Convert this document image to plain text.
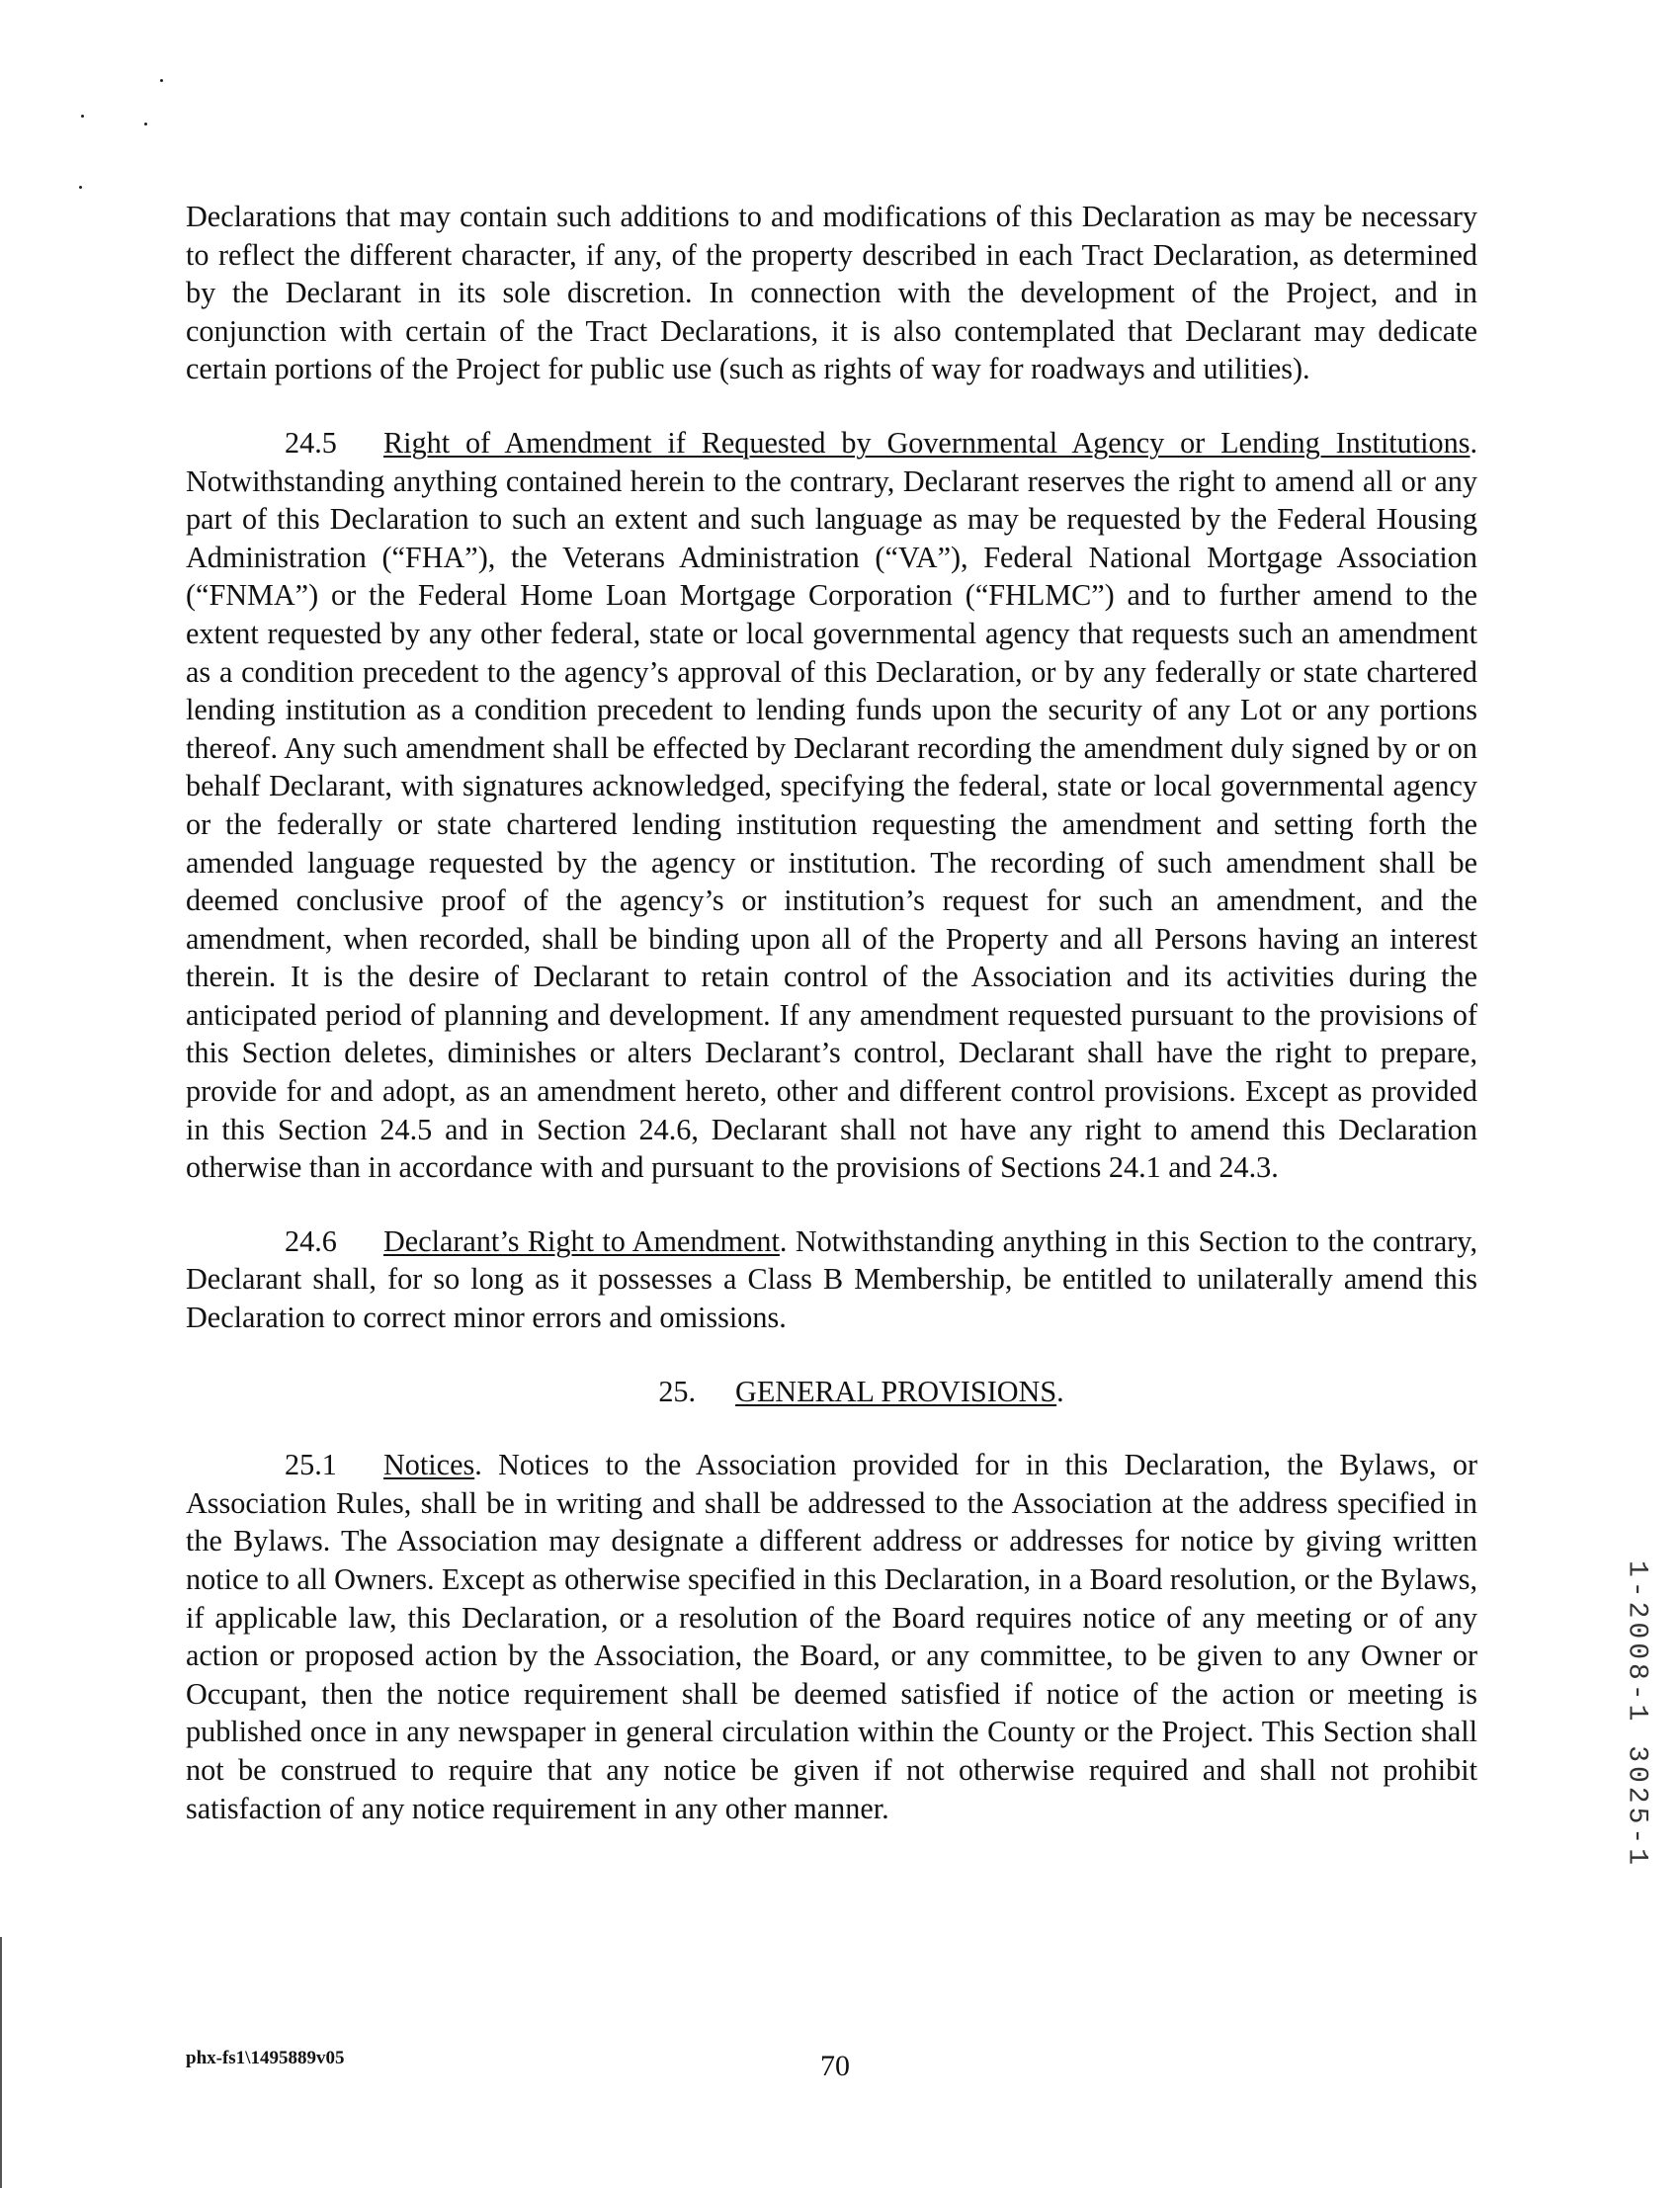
Declarations that may contain such additions to and modifications of this Declaration as may be necessary to reflect the different character, if any, of the property described in each Tract Declaration, as determined by the Declarant in its sole discretion. In connection with the development of the Project, and in conjunction with certain of the Tract Declarations, it is also contemplated that Declarant may dedicate certain portions of the Project for public use (such as rights of way for roadways and utilities).

24.5 Right of Amendment if Requested by Governmental Agency or Lending Institutions. Notwithstanding anything contained herein to the contrary, Declarant reserves the right to amend all or any part of this Declaration to such an extent and such language as may be requested by the Federal Housing Administration (“FHA”), the Veterans Administration (“VA”), Federal National Mortgage Association (“FNMA”) or the Federal Home Loan Mortgage Corporation (“FHLMC”) and to further amend to the extent requested by any other federal, state or local governmental agency that requests such an amendment as a condition precedent to the agency’s approval of this Declaration, or by any federally or state chartered lending institution as a condition precedent to lending funds upon the security of any Lot or any portions thereof. Any such amendment shall be effected by Declarant recording the amendment duly signed by or on behalf Declarant, with signatures acknowledged, specifying the federal, state or local governmental agency or the federally or state chartered lending institution requesting the amendment and setting forth the amended language requested by the agency or institution. The recording of such amendment shall be deemed conclusive proof of the agency’s or institution’s request for such an amendment, and the amendment, when recorded, shall be binding upon all of the Property and all Persons having an interest therein. It is the desire of Declarant to retain control of the Association and its activities during the anticipated period of planning and development. If any amendment requested pursuant to the provisions of this Section deletes, diminishes or alters Declarant’s control, Declarant shall have the right to prepare, provide for and adopt, as an amendment hereto, other and different control provisions. Except as provided in this Section 24.5 and in Section 24.6, Declarant shall not have any right to amend this Declaration otherwise than in accordance with and pursuant to the provisions of Sections 24.1 and 24.3.

24.6 Declarant’s Right to Amendment. Notwithstanding anything in this Section to the contrary, Declarant shall, for so long as it possesses a Class B Membership, be entitled to unilaterally amend this Declaration to correct minor errors and omissions.

25. GENERAL PROVISIONS.

25.1 Notices. Notices to the Association provided for in this Declaration, the Bylaws, or Association Rules, shall be in writing and shall be addressed to the Association at the address specified in the Bylaws. The Association may designate a different address or addresses for notice by giving written notice to all Owners. Except as otherwise specified in this Declaration, in a Board resolution, or the Bylaws, if applicable law, this Declaration, or a resolution of the Board requires notice of any meeting or of any action or proposed action by the Association, the Board, or any committee, to be given to any Owner or Occupant, then the notice requirement shall be deemed satisfied if notice of the action or meeting is published once in any newspaper in general circulation within the County or the Project. This Section shall not be construed to require that any notice be given if not otherwise required and shall not prohibit satisfaction of any notice requirement in any other manner.	1-2008-1 3025-1
phx-fs1\1495889v05	70
